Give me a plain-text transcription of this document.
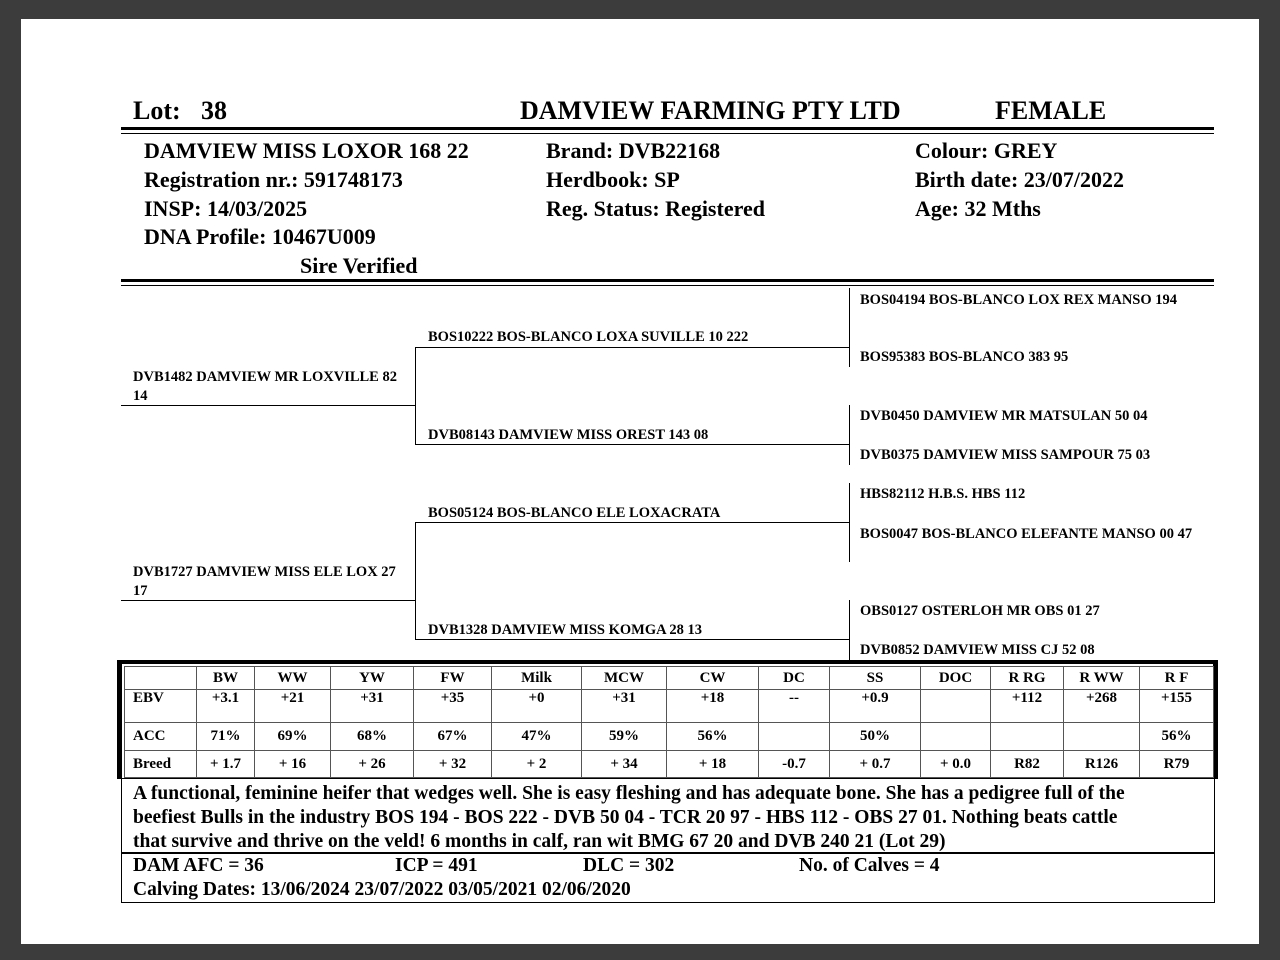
Lot: 38	DAMVIEW FARMING PTY LTD	FEMALE
DAMVIEW MISS LOXOR 168 22
Registration nr.: 591748173
INSP: 14/03/2025
DNA Profile: 10467U009
Sire Verified
Brand: DVB22168
Herdbook: SP
Reg. Status: Registered
Colour: GREY
Birth date: 23/07/2022
Age: 32 Mths
DVB1482 DAMVIEW MR LOXVILLE 82 14
BOS10222 BOS-BLANCO LOXA SUVILLE 10 222
DVB08143 DAMVIEW MISS OREST 143 08
DVB1727 DAMVIEW MISS ELE LOX 27 17
BOS05124 BOS-BLANCO ELE LOXACRATA
DVB1328 DAMVIEW MISS KOMGA 28 13
BOS04194 BOS-BLANCO LOX REX MANSO 194
BOS95383 BOS-BLANCO 383 95
DVB0450 DAMVIEW MR MATSULAN 50 04
DVB0375 DAMVIEW MISS SAMPOUR 75 03
HBS82112 H.B.S. HBS 112
BOS0047 BOS-BLANCO ELEFANTE MANSO 00 47
OBS0127 OSTERLOH MR OBS 01 27
DVB0852 DAMVIEW MISS CJ 52 08
	BW	WW	YW	FW	Milk	MCW	CW	DC	SS	DOC	R RG	R WW	R F
EBV	+3.1	+21	+31	+35	+0	+31	+18	--	+0.9		+112	+268	+155
ACC	71%	69%	68%	67%	47%	59%	56%		50%				56%
Breed	+ 1.7	+ 16	+ 26	+ 32	+ 2	+ 34	+ 18	-0.7	+ 0.7	+ 0.0	R82	R126	R79
A functional, feminine heifer that wedges well. She is easy fleshing and has adequate bone. She has a pedigree full of the
beefiest Bulls in the industry BOS 194 - BOS 222 - DVB 50 04 - TCR 20 97 - HBS 112 - OBS 27 01. Nothing beats cattle
that survive and thrive on the veld! 6 months in calf, ran wit BMG 67 20 and DVB 240 21 (Lot 29)
DAM AFC = 36	ICP = 491	DLC = 302	No. of Calves = 4
Calving Dates: 13/06/2024 23/07/2022 03/05/2021 02/06/2020
